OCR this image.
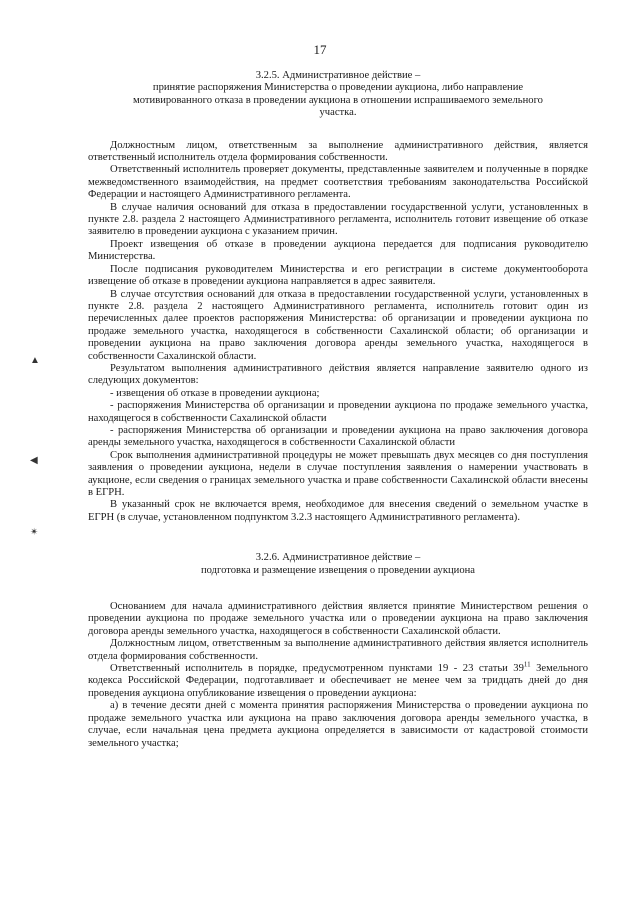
17
▲
◀
✴
3.2.5. Административное действие –
принятие распоряжения Министерства о проведении аукциона, либо направление мотивированного отказа в проведении аукциона в отношении испрашиваемого земельного участка.

Должностным лицом, ответственным за выполнение административного действия, является ответственный исполнитель отдела формирования собственности.

Ответственный исполнитель проверяет документы, представленные заявителем и полученные в порядке межведомственного взаимодействия, на предмет соответствия требованиям законодательства Российской Федерации и настоящего Административного регламента.

В случае наличия оснований для отказа в предоставлении государственной услуги, установленных в пункте 2.8. раздела 2 настоящего Административного регламента, исполнитель готовит извещение об отказе заявителю в проведении аукциона с указанием причин.

Проект извещения об отказе в проведении аукциона передается для подписания руководителю Министерства.

После подписания руководителем Министерства и его регистрации в системе документооборота извещение об отказе в проведении аукциона направляется в адрес заявителя.

В случае отсутствия оснований для отказа в предоставлении государственной услуги, установленных в пункте 2.8. раздела 2 настоящего Административного регламента, исполнитель готовит один из перечисленных далее проектов распоряжения Министерства: об организации и проведении аукциона по продаже земельного участка, находящегося в собственности Сахалинской области; об организации и проведении аукциона на право заключения договора аренды земельного участка, находящегося в собственности Сахалинской области.

Результатом выполнения административного действия является направление заявителю одного из следующих документов:

- извещения об отказе в проведении аукциона;

- распоряжения Министерства об организации и проведении аукциона по продаже земельного участка, находящегося в собственности Сахалинской области

- распоряжения Министерства об организации и проведении аукциона на право заключения договора аренды земельного участка, находящегося в собственности Сахалинской области

Срок выполнения административной процедуры не может превышать двух месяцев со дня поступления заявления о проведении аукциона, недели в случае поступления заявления о намерении участвовать в аукционе, если сведения о границах земельного участка и праве собственности Сахалинской области внесены в ЕГРН.

В указанный срок не включается время, необходимое для внесения сведений о земельном участке в ЕГРН (в случае, установленном подпунктом 3.2.3 настоящего Административного регламента).

3.2.6. Административное действие –
подготовка и размещение извещения о проведении аукциона

Основанием для начала административного действия является принятие Министерством решения о проведении аукциона по продаже земельного участка или о проведении аукциона на право заключения договора аренды земельного участка, находящегося в собственности Сахалинской области.

Должностным лицом, ответственным за выполнение административного действия является исполнитель отдела формирования собственности.

Ответственный исполнитель в порядке, предусмотренном пунктами 19 - 23 статьи $39^{11}$ Земельного кодекса Российской Федерации, подготавливает и обеспечивает не менее чем за тридцать дней до дня проведения аукциона опубликование извещения о проведении аукциона:

а) в течение десяти дней с момента принятия распоряжения Министерства о проведении аукциона по продаже земельного участка или аукциона на право заключения договора аренды земельного участка, в случае, если начальная цена предмета аукциона определяется в зависимости от кадастровой стоимости земельного участка;
